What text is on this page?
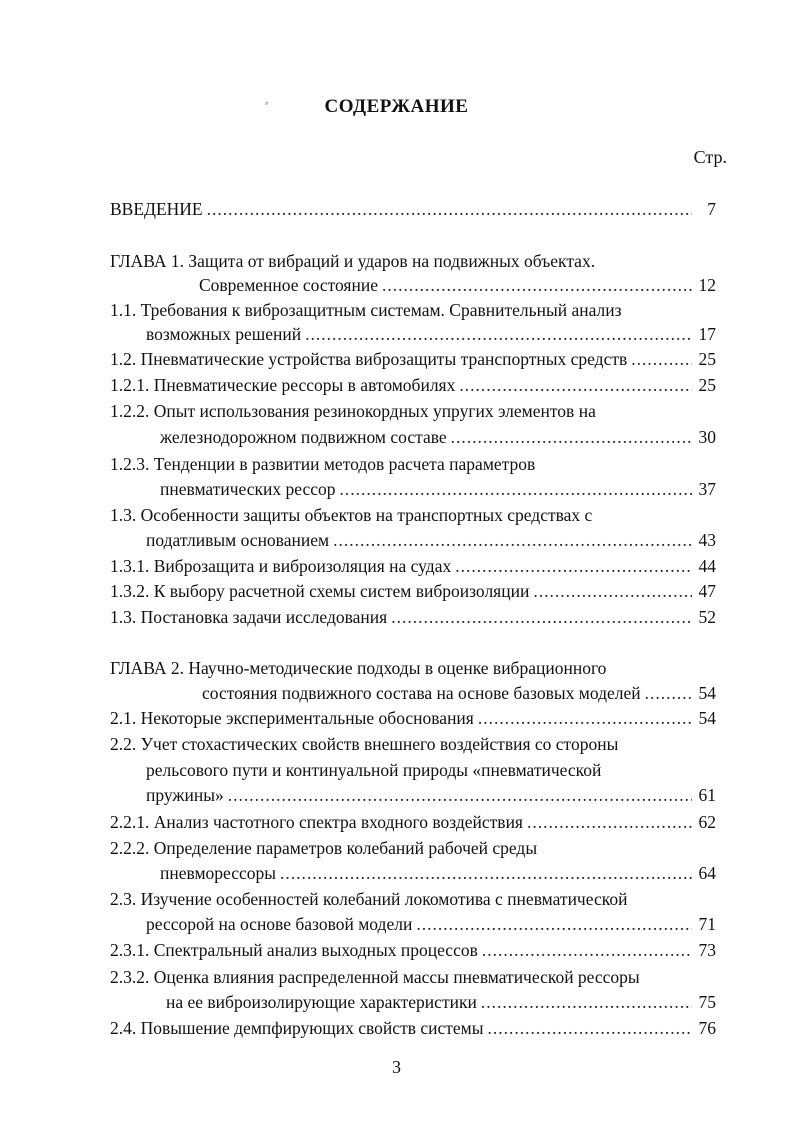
⸗	СОДЕРЖАНИЕ
Стр.
ВВЕДЕНИЕ .....	7
ГЛАВА 1. Защита от вибраций и ударов на подвижных объектах.
Современное состояние .....	12
1.1. Требования к виброзащитным системам. Сравнительный анализ
возможных решений .....	17
1.2. Пневматические устройства виброзащиты транспортных средств .....	25
1.2.1. Пневматические рессоры в автомобилях .....	25
1.2.2. Опыт использования резинокордных упругих элементов на
железнодорожном подвижном составе .....	30
1.2.3. Тенденции в развитии методов расчета параметров
пневматических рессор .....	37
1.3. Особенности защиты объектов на транспортных средствах с
податливым основанием .....	43
1.3.1. Виброзащита и виброизоляция на судах .....	44
1.3.2. К выбору расчетной схемы систем виброизоляции .....	47
1.3. Постановка задачи исследования .....	52
ГЛАВА 2. Научно-методические подходы в оценке вибрационного
состояния подвижного состава на основе базовых моделей .....	54
2.1. Некоторые экспериментальные обоснования .....	54
2.2. Учет стохастических свойств внешнего воздействия со стороны
рельсового пути и континуальной природы «пневматической
пружины» .....	61
2.2.1. Анализ частотного спектра входного воздействия .....	62
2.2.2. Определение параметров колебаний рабочей среды
пневморессоры .....	64
2.3. Изучение особенностей колебаний локомотива с пневматической
рессорой на основе базовой модели .....	71
2.3.1. Спектральный анализ выходных процессов .....	73
2.3.2. Оценка влияния распределенной массы пневматической рессоры
на ее виброизолирующие характеристики .....	75
2.4. Повышение демпфирующих свойств системы .....	76
3
